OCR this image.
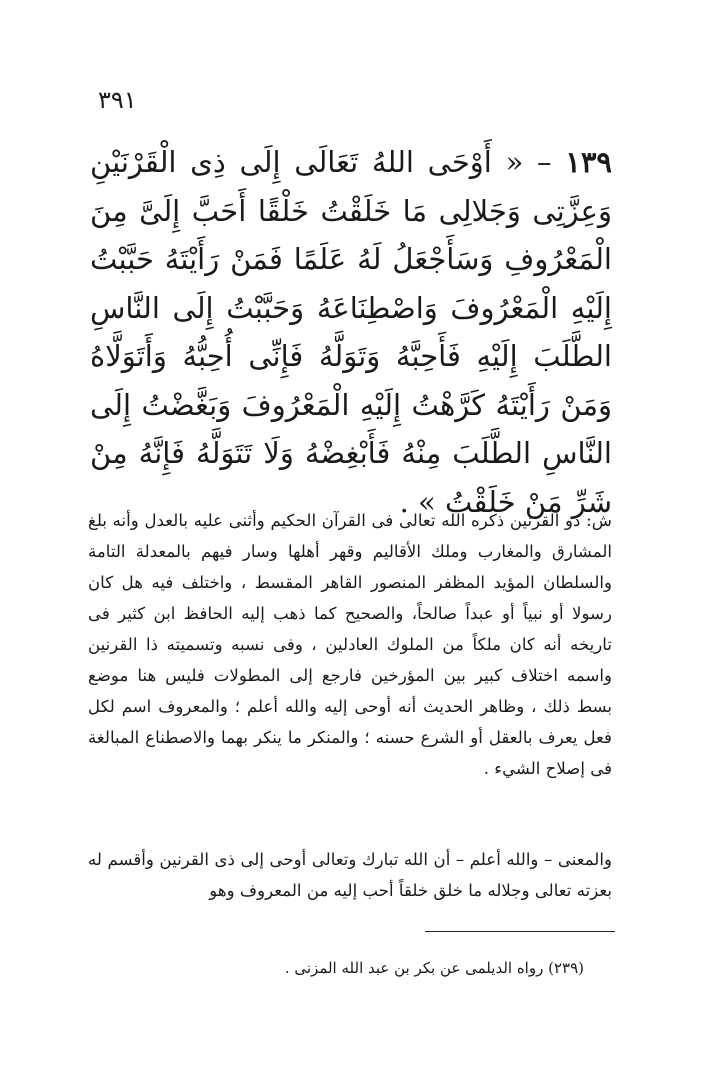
٣٩١
١٣٩ – « أَوْحَى اللهُ تَعَالَى إِلَى ذِى الْقَرْنَيْنِ وَعِزَّتِى وَجَلالِى مَا خَلَقْتُ خَلْقًا أَحَبَّ إِلَىَّ مِنَ الْمَعْرُوفِ وَسَأَجْعَلُ لَهُ عَلَمًا فَمَنْ رَأَيْتَهُ حَبَّبْتُ إِلَيْهِ الْمَعْرُوفَ وَاصْطِنَاعَهُ وَحَبَّبْتُ إِلَى النَّاسِ الطَّلَبَ إِلَيْهِ فَأَحِبَّهُ وَتَوَلَّهُ فَإِنِّى أُحِبُّهُ وَأَتَوَلَّاهُ وَمَنْ رَأَيْتَهُ كَرَّهْتُ إِلَيْهِ الْمَعْرُوفَ وَبَغَّضْتُ إِلَى النَّاسِ الطَّلَبَ مِنْهُ فَأَبْغِضْهُ وَلَا تَتَوَلَّهُ فَإِنَّهُ مِنْ شَرِّ مَنْ خَلَقْتُ » .
ش: ذو القرنين ذكره الله تعالى فى القرآن الحكيم وأثنى عليه بالعدل وأنه بلغ المشارق والمغارب وملك الأقاليم وقهر أهلها وسار فيهم بالمعدلة التامة والسلطان المؤيد المظفر المنصور القاهر المقسط ، واختلف فيه هل كان رسولا أو نبياً أو عبداً صالحاً، والصحيح كما ذهب إليه الحافظ ابن كثير فى تاريخه أنه كان ملكاً من الملوك العادلين ، وفى نسبه وتسميته ذا القرنين واسمه اختلاف كبير بين المؤرخين فارجع إلى المطولات فليس هنا موضع بسط ذلك ، وظاهر الحديث أنه أوحى إليه والله أعلم ؛ والمعروف اسم لكل فعل يعرف بالعقل أو الشرع حسنه ؛ والمنكر ما ينكر بهما والاصطناع المبالغة فى إصلاح الشيء .
والمعنى – والله أعلم – أن الله تبارك وتعالى أوحى إلى ذى القرنين وأقسم له بعزته تعالى وجلاله ما خلق خلقاً أحب إليه من المعروف وهو
(٢٣٩) رواه الديلمى عن بكر بن عبد الله المزنى .
